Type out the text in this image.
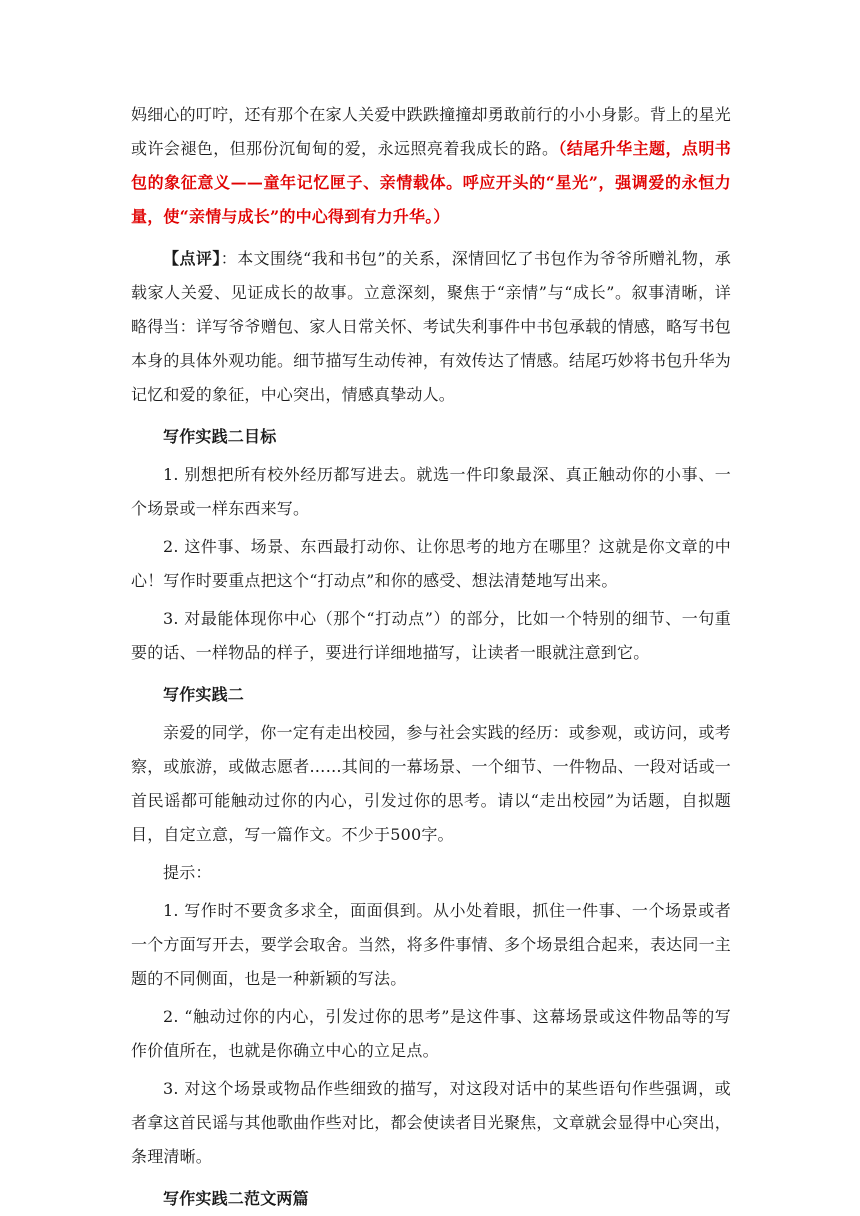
妈细心的叮咛，还有那个在家人关爱中跌跌撞撞却勇敢前行的小小身影。背上的星光或许会褪色，但那份沉甸甸的爱，永远照亮着我成长的路。（结尾升华主题，点明书包的象征意义——童年记忆匣子、亲情载体。呼应开头的“星光”，强调爱的永恒力量，使“亲情与成长”的中心得到有力升华。）

【点评】：本文围绕“我和书包”的关系，深情回忆了书包作为爷爷所赠礼物，承载家人关爱、见证成长的故事。立意深刻，聚焦于“亲情”与“成长”。叙事清晰，详略得当：详写爷爷赠包、家人日常关怀、考试失利事件中书包承载的情感，略写书包本身的具体外观功能。细节描写生动传神，有效传达了情感。结尾巧妙将书包升华为记忆和爱的象征，中心突出，情感真挚动人。

写作实践二目标

1. 别想把所有校外经历都写进去。就选一件印象最深、真正触动你的小事、一个场景或一样东西来写。

2. 这件事、场景、东西最打动你、让你思考的地方在哪里？这就是你文章的中心！写作时要重点把这个“打动点”和你的感受、想法清楚地写出来。

3. 对最能体现你中心（那个“打动点”）的部分，比如一个特别的细节、一句重要的话、一样物品的样子，要进行详细地描写，让读者一眼就注意到它。

写作实践二

亲爱的同学，你一定有走出校园，参与社会实践的经历：或参观，或访问，或考察，或旅游，或做志愿者……其间的一幕场景、一个细节、一件物品、一段对话或一首民谣都可能触动过你的内心，引发过你的思考。请以“走出校园”为话题，自拟题目，自定立意，写一篇作文。不少于500字。

提示：

1. 写作时不要贪多求全，面面俱到。从小处着眼，抓住一件事、一个场景或者一个方面写开去，要学会取舍。当然，将多件事情、多个场景组合起来，表达同一主题的不同侧面，也是一种新颖的写法。

2. “触动过你的内心，引发过你的思考”是这件事、这幕场景或这件物品等的写作价值所在，也就是你确立中心的立足点。

3. 对这个场景或物品作些细致的描写，对这段对话中的某些语句作些强调，或者拿这首民谣与其他歌曲作些对比，都会使读者目光聚焦，文章就会显得中心突出，条理清晰。

写作实践二范文两篇
